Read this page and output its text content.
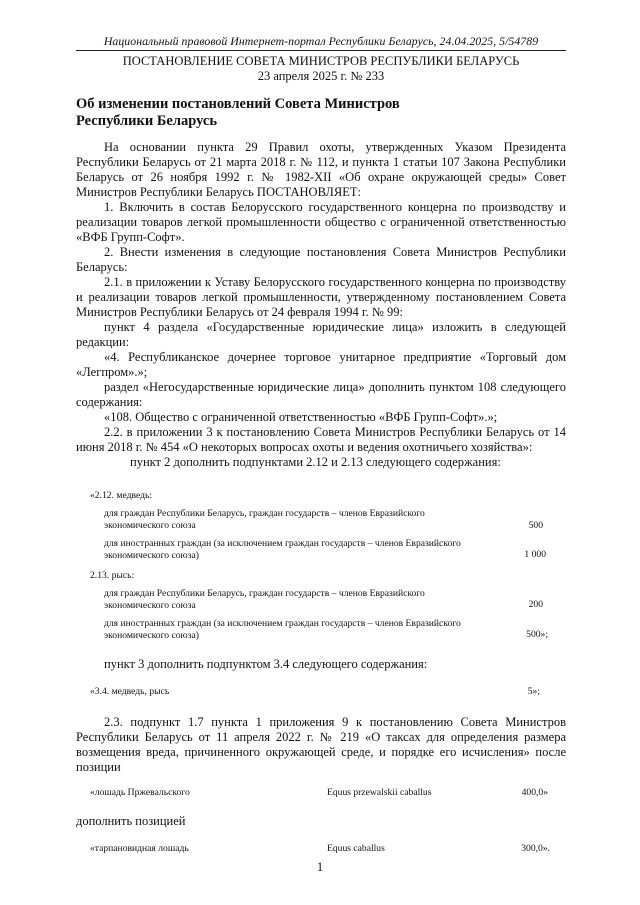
Национальный правовой Интернет-портал Республики Беларусь, 24.04.2025, 5/54789
ПОСТАНОВЛЕНИЕ СОВЕТА МИНИСТРОВ РЕСПУБЛИКИ БЕЛАРУСЬ
23 апреля 2025 г. № 233
Об изменении постановлений Совета Министров
Республики Беларусь

На основании пункта 29 Правил охоты, утвержденных Указом Президента Республики Беларусь от 21 марта 2018 г. № 112, и пункта 1 статьи 107 Закона Республики Беларусь от 26 ноября 1992 г. № 1982-XII «Об охране окружающей среды» Совет Министров Республики Беларусь ПОСТАНОВЛЯЕТ:

1. Включить в состав Белорусского государственного концерна по производству и реализации товаров легкой промышленности общество с ограниченной ответственностью «ВФБ Групп-Софт».

2. Внести изменения в следующие постановления Совета Министров Республики Беларусь:

2.1. в приложении к Уставу Белорусского государственного концерна по производству и реализации товаров легкой промышленности, утвержденному постановлением Совета Министров Республики Беларусь от 24 февраля 1994 г. № 99:

пункт 4 раздела «Государственные юридические лица» изложить в следующей редакции:

«4. Республиканское дочернее торговое унитарное предприятие «Торговый дом «Легпром».»;

раздел «Негосударственные юридические лица» дополнить пунктом 108 следующего содержания:

«108. Общество с ограниченной ответственностью «ВФБ Групп-Софт».»;

2.2. в приложении 3 к постановлению Совета Министров Республики Беларусь от 14 июня 2018 г. № 454 «О некоторых вопросах охоты и ведения охотничьего хозяйства»:

пункт 2 дополнить подпунктами 2.12 и 2.13 следующего содержания:

«2.12. медведь:
для граждан Республики Беларусь, граждан государств – членов Евразийского экономического союза	500
для иностранных граждан (за исключением граждан государств – членов Евразийского экономического союза)	1 000
2.13. рысь:
для граждан Республики Беларусь, граждан государств – членов Евразийского экономического союза	200
для иностранных граждан (за исключением граждан государств – членов Евразийского экономического союза)	500»;
пункт 3 дополнить подпунктом 3.4 следующего содержания:
«3.4. медведь, рысь	5»;

2.3. подпункт 1.7 пункта 1 приложения 9 к постановлению Совета Министров Республики Беларусь от 11 апреля 2022 г. № 219 «О таксах для определения размера возмещения вреда, причиненного окружающей среде, и порядке его исчисления» после позиции

«лошадь Пржевальского	Equus przewalskii caballus	400,0»
дополнить позицией
«тарпановидная лошадь	Equus caballus	300,0».
1
